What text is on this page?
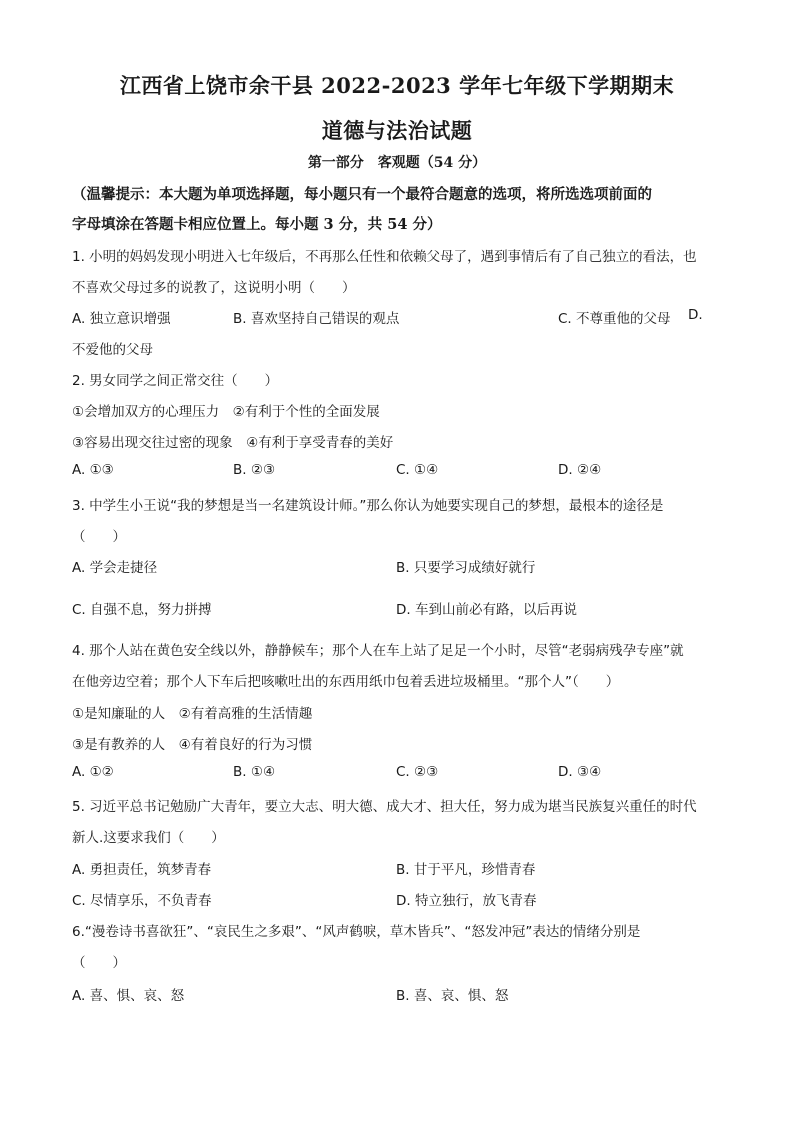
江西省上饶市余干县 2022-2023 学年七年级下学期期末
道德与法治试题
第一部分　客观题（54 分）
（温馨提示：本大题为单项选择题，每小题只有一个最符合题意的选项，将所选选项前面的
字母填涂在答题卡相应位置上。每小题 3 分，共 54 分）
1. 小明的妈妈发现小明进入七年级后，不再那么任性和依赖父母了，遇到事情后有了自己独立的看法，也
不喜欢父母过多的说教了，这说明小明（　　）
A. 独立意识增强	B. 喜欢坚持自己错误的观点	C. 不尊重他的父母 D.
不爱他的父母
2. 男女同学之间正常交往（　　）
①会增加双方的心理压力　②有利于个性的全面发展
③容易出现交往过密的现象　④有利于享受青春的美好
A. ①③	B. ②③	C. ①④	D. ②④
3. 中学生小王说“我的梦想是当一名建筑设计师。”那么你认为她要实现自己的梦想，最根本的途径是
（　　）
A. 学会走捷径	B. 只要学习成绩好就行
C. 自强不息，努力拼搏	D. 车到山前必有路，以后再说
4. 那个人站在黄色安全线以外，静静候车；那个人在车上站了足足一个小时，尽管“老弱病残孕专座”就
在他旁边空着；那个人下车后把咳嗽吐出的东西用纸巾包着丢进垃圾桶里。“那个人”（　　）
①是知廉耻的人　②有着高雅的生活情趣
③是有教养的人　④有着良好的行为习惯
A. ①②	B. ①④	C. ②③	D. ③④
5. 习近平总书记勉励广大青年，要立大志、明大德、成大才、担大任，努力成为堪当民族复兴重任的时代
新人.这要求我们（　　）
A. 勇担责任，筑梦青春	B. 甘于平凡，珍惜青春
C. 尽情享乐，不负青春	D. 特立独行，放飞青春
6.“漫卷诗书喜欲狂”、“哀民生之多艰”、“风声鹤唳，草木皆兵”、“怒发冲冠”表达的情绪分别是
（　　）
A. 喜、惧、哀、怒	B. 喜、哀、惧、怒
